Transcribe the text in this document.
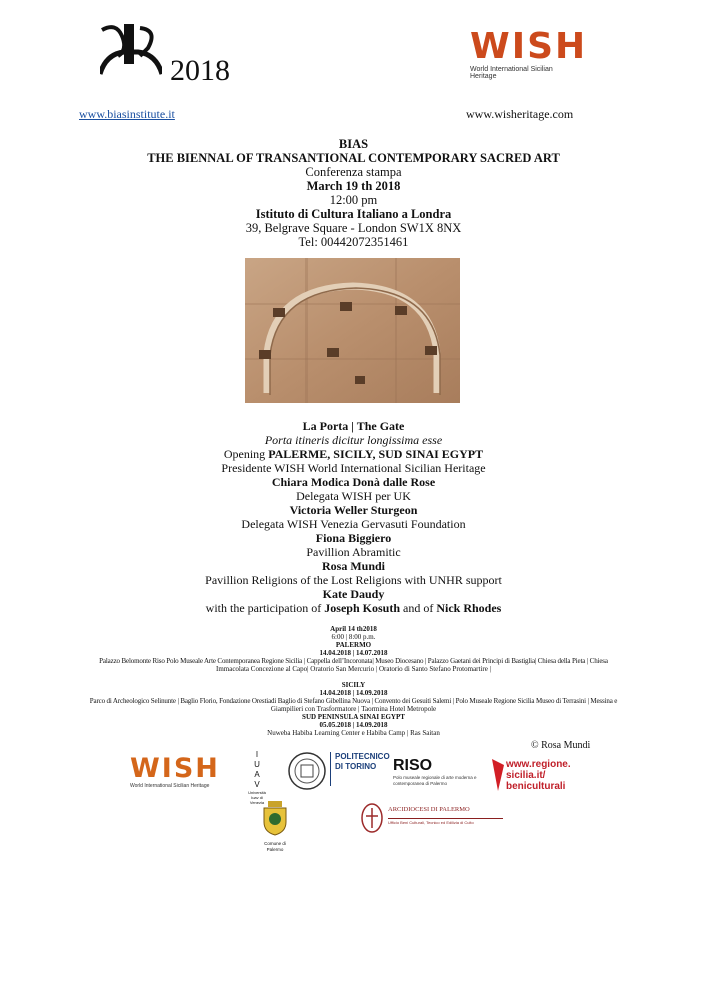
2018
WISH
World International Sicilian Heritage
www.biasinstitute.it	www.wisheritage.com
BIAS
THE BIENNAL OF TRANSANTIONAL CONTEMPORARY SACRED ART
Conferenza stampa
March 19 th 2018
12:00 pm
Istituto di Cultura Italiano a Londra
39, Belgrave Square - London SW1X 8NX
Tel: 00442072351461
La Porta | The Gate
Porta itineris dicitur longissima esse
Opening PALERME, SICILY, SUD SINAI EGYPT
Presidente WISH World International Sicilian Heritage
Chiara Modica Donà dalle Rose
Delegata WISH per UK
Victoria Weller Sturgeon
Delegata WISH Venezia Gervasuti Foundation
Fiona Biggiero
Pavillion Abramitic
Rosa Mundi
Pavillion Religions of the Lost Religions with UNHR support
Kate Daudy
with the participation of Joseph Kosuth and of Nick Rhodes
April 14 th2018
6:00 | 8:00 p.m.
PALERMO
14.04.2018 | 14.07.2018
Palazzo Belomonte Riso Polo Museale Arte Contemporanea Regione Sicilia | Cappella dell’Incoronata| Museo Diocesano | Palazzo Gaetani dei Principi di Bastiglia| Chiesa della Pieta | Chiesa
Immacolata Concezione al Capo| Oratorio San Mercurio | Oratorio di Santo Stefano Protomartire |
SICILY
14.04.2018 | 14.09.2018
Parco di Archeologico Selinunte | Baglio Florio, Fondazione Orestiadi Baglio di Stefano Gibellina Nuova | Convento dei Gesuiti Salemi | Polo Museale Regione Sicilia Museo di Terrasini | Messina e
Giampilieri con Trasformatore | Taormina Hotel Metropole
SUD PENINSULA SINAI EGYPT
05.05.2018 | 14.09.2018
Nuweba Habiba Learning Center e Habiba Camp | Ras Saitan
© Rosa Mundi
WISH
World International Sicilian Heritage
I U A V
Università Iuav di Venezia
POLITECNICO
DI TORINO	RISO
Polo museale regionale di arte moderna e contemporanea di Palermo
www.regione.
sicilia.it/
beniculturali
Comune di Palermo
ARCIDIOCESI DI PALERMO
Ufficio Beni Culturali, Tecnico ed Edilizia di Culto
